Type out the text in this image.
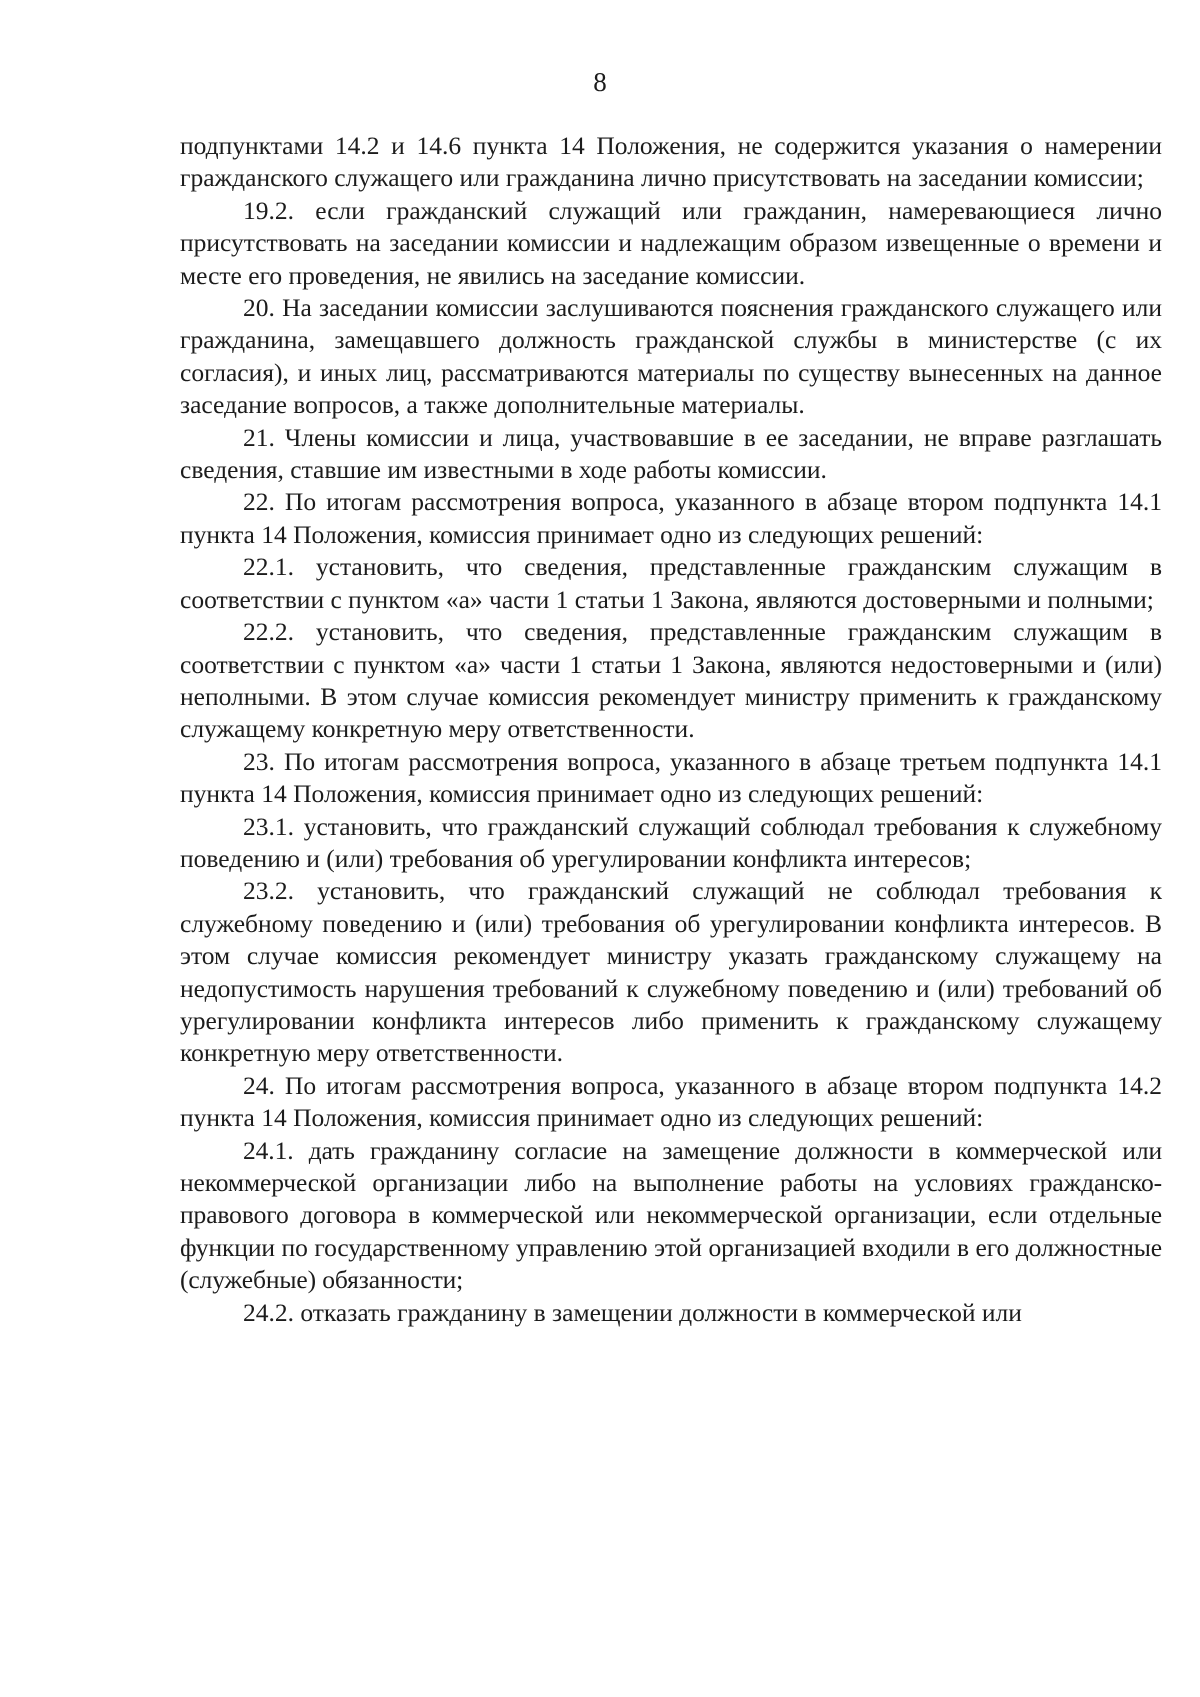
8

подпунктами 14.2 и 14.6 пункта 14 Положения, не содержится указания о намерении гражданского служащего или гражданина лично присутствовать на заседании комиссии;

19.2. если гражданский служащий или гражданин, намеревающиеся лично присутствовать на заседании комиссии и надлежащим образом извещенные о времени и месте его проведения, не явились на заседание комиссии.

20. На заседании комиссии заслушиваются пояснения гражданского служащего или гражданина, замещавшего должность гражданской службы в министерстве (с их согласия), и иных лиц, рассматриваются материалы по существу вынесенных на данное заседание вопросов, а также дополнительные материалы.

21. Члены комиссии и лица, участвовавшие в ее заседании, не вправе разглашать сведения, ставшие им известными в ходе работы комиссии.

22. По итогам рассмотрения вопроса, указанного в абзаце втором подпункта 14.1 пункта 14 Положения, комиссия принимает одно из следующих решений:

22.1. установить, что сведения, представленные гражданским служащим в соответствии с пунктом «а» части 1 статьи 1 Закона, являются достоверными и полными;

22.2. установить, что сведения, представленные гражданским служащим в соответствии с пунктом «а» части 1 статьи 1 Закона, являются недостоверными и (или) неполными. В этом случае комиссия рекомендует министру применить к гражданскому служащему конкретную меру ответственности.

23. По итогам рассмотрения вопроса, указанного в абзаце третьем подпункта 14.1 пункта 14 Положения, комиссия принимает одно из следующих решений:

23.1. установить, что гражданский служащий соблюдал требования к служебному поведению и (или) требования об урегулировании конфликта интересов;

23.2. установить, что гражданский служащий не соблюдал требования к служебному поведению и (или) требования об урегулировании конфликта интересов. В этом случае комиссия рекомендует министру указать гражданскому служащему на недопустимость нарушения требований к служебному поведению и (или) требований об урегулировании конфликта интересов либо применить к гражданскому служащему конкретную меру ответственности.

24. По итогам рассмотрения вопроса, указанного в абзаце втором подпункта 14.2 пункта 14 Положения, комиссия принимает одно из следующих решений:

24.1. дать гражданину согласие на замещение должности в коммерческой или некоммерческой организации либо на выполнение работы на условиях гражданско-правового договора в коммерческой или некоммерческой организации, если отдельные функции по государственному управлению этой организацией входили в его должностные (служебные) обязанности;

24.2. отказать гражданину в замещении должности в коммерческой или
